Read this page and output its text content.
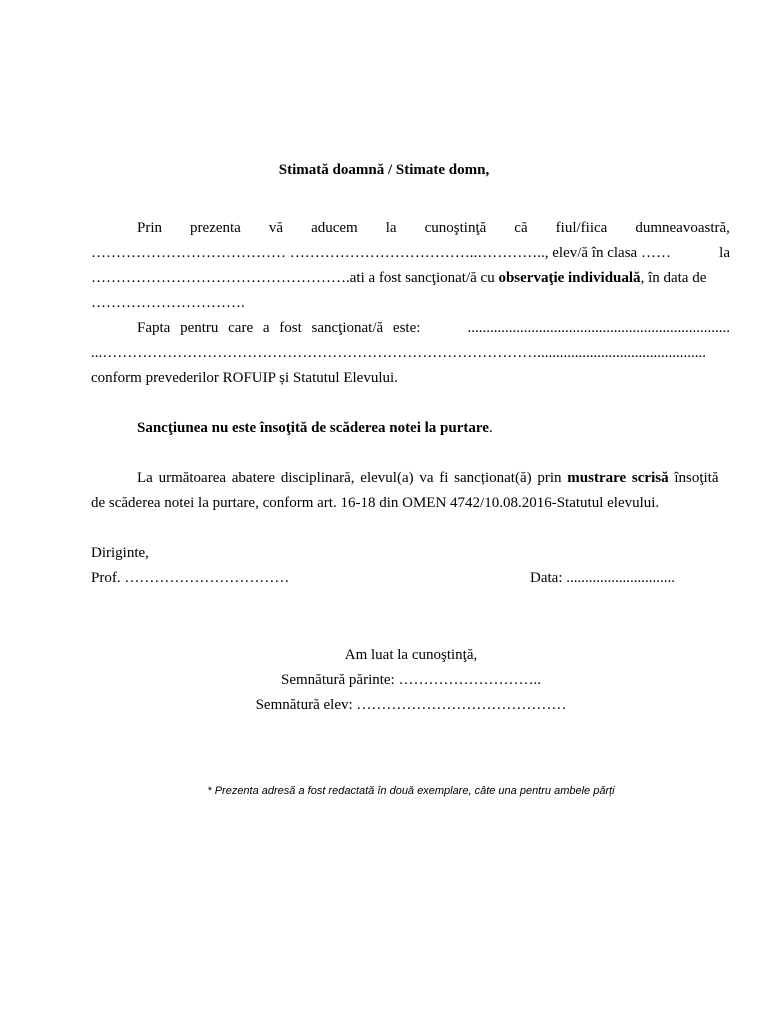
Stimată doamnă / Stimate domn,
Prin prezenta vă aducem la cunoştinţă că fiul/fiica dumneavoastră,
………………………………… ………………………………..………….., elev/ă în clasa ……	la
…………………………………………….ati a fost sancţionat/ă cu observaţie individuală, în data de
………………………….
Fapta pentru care a fost sancţionat/ă este:	......................................................................
...…………………………………………………………………………….............................................
conform prevederilor ROFUIP și Statutul Elevului.
Sancţiunea nu este însoţită de scăderea notei la purtare.
La următoarea abatere disciplinară, elevul(a) va fi sancționat(ă) prin mustrare scrisă însoţită
de scăderea notei la purtare, conform art. 16-18 din OMEN 4742/10.08.2016-Statutul elevului.
Diriginte,
Prof. ……………………………	Data: .............................
Am luat la cunoştinţă,
Semnătură părinte: ………………………..
Semnătură elev: ……………………………………
* Prezenta adresă a fost redactată în două exemplare, câte una pentru ambele părți
